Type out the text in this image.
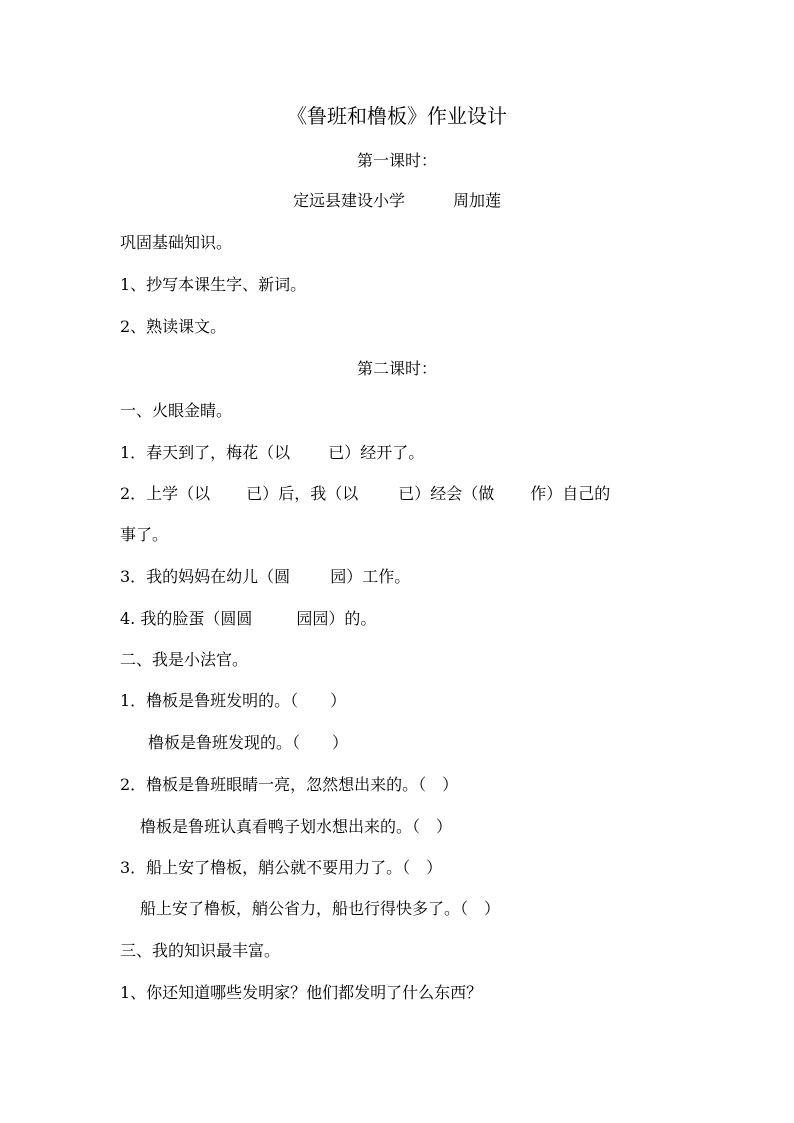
《鲁班和橹板》作业设计
第一课时：
定远县建设小学	周加莲
巩固基础知识。
1、抄写本课生字、新词。
2、熟读课文。
第二课时：
一、火眼金睛。
1．春天到了，梅花（以 已）经开了。
2．上学（以 已）后，我（以	已）经会（做 作）自己的
事了。
3．我的妈妈在幼儿（圆	园）工作。
4. 我的脸蛋（圆圆	园园）的。
二、我是小法官。
1．橹板是鲁班发明的。（　　）
橹板是鲁班发现的。（　　）
2．橹板是鲁班眼睛一亮，忽然想出来的。（　）
橹板是鲁班认真看鸭子划水想出来的。（　）
3．船上安了橹板，艄公就不要用力了。（　）
船上安了橹板，艄公省力，船也行得快多了。（　）
三、我的知识最丰富。
1、你还知道哪些发明家？他们都发明了什么东西？
